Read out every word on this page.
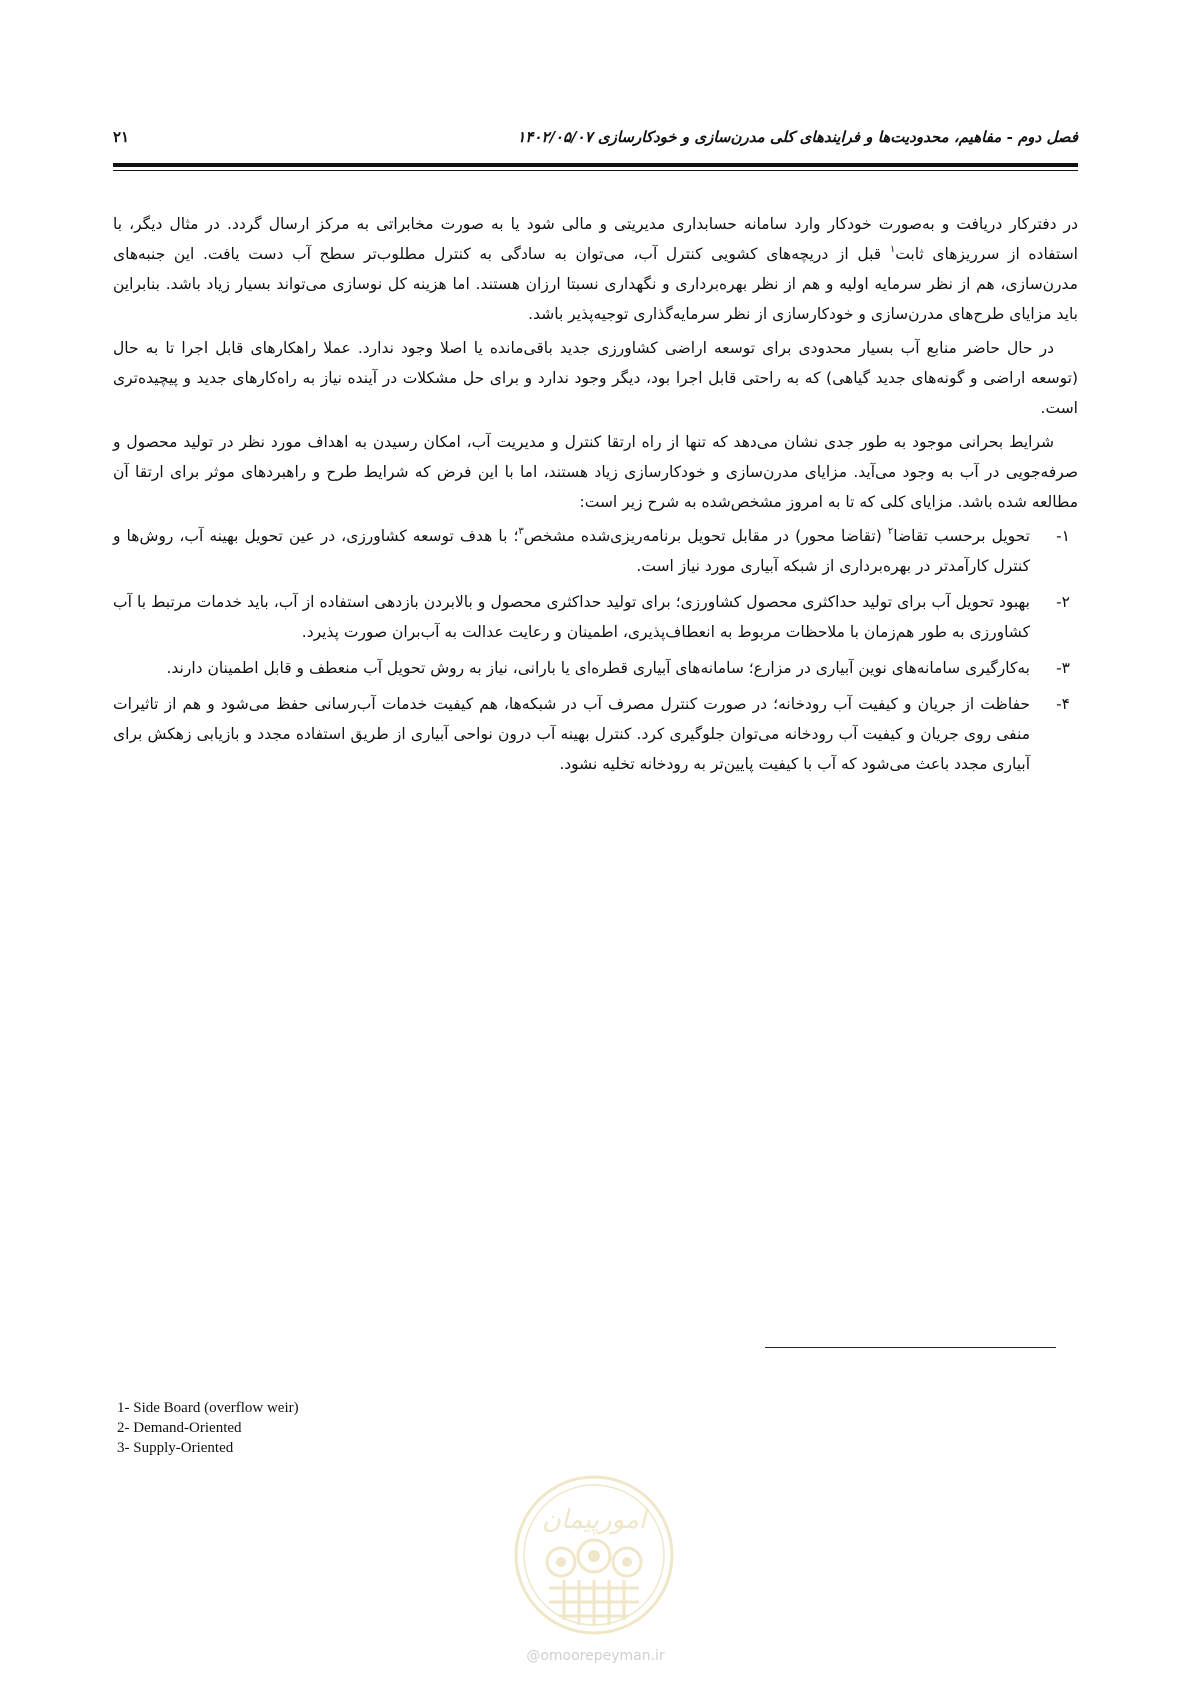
فصل دوم - مفاهیم، محدودیت‌ها و فرایندهای کلی مدرن‌سازی و خودکارسازی ۱۴۰۲/۰۵/۰۷
۲۱

در دفترکار دریافت و به‌صورت خودکار وارد سامانه حسابداری مدیریتی و مالی شود یا به صورت مخابراتی به مرکز ارسال گردد. در مثال دیگر، با استفاده از سرریزهای ثابت$^۱$ قبل از دریچه‌های کشویی کنترل آب، می‌توان به سادگی به کنترل مطلوب‌تر سطح آب دست یافت. این جنبه‌های مدرن‌سازی، هم از نظر سرمایه اولیه و هم از نظر بهره‌برداری و نگهداری نسبتا ارزان هستند. اما هزینه کل نوسازی می‌تواند بسیار زیاد باشد. بنابراین باید مزایای طرح‌های مدرن‌سازی و خودکارسازی از نظر سرمایه‌گذاری توجیه‌پذیر باشد.

در حال حاضر منابع آب بسیار محدودی برای توسعه اراضی کشاورزی جدید باقی‌مانده یا اصلا وجود ندارد. عملا راهکارهای قابل اجرا تا به حال (توسعه اراضی و گونه‌های جدید گیاهی) که به راحتی قابل اجرا بود، دیگر وجود ندارد و برای حل مشکلات در آینده نیاز به راه‌کارهای جدید و پیچیده‌تری است.

شرایط بحرانی موجود به طور جدی نشان می‌دهد که تنها از راه ارتقا کنترل و مدیریت آب، امکان رسیدن به اهداف مورد نظر در تولید محصول و صرفه‌جویی در آب به وجود می‌آید. مزایای مدرن‌سازی و خودکارسازی زیاد هستند، اما با این فرض که شرایط طرح و راهبردهای موثر برای ارتقا آن مطالعه شده باشد. مزایای کلی که تا به امروز مشخص‌شده به شرح زیر است:

۱-
تحویل برحسب تقاضا$^۲$ (تقاضا محور) در مقابل تحویل برنامه‌ریزی‌شده مشخص$^۳$؛ با هدف توسعه کشاورزی، در عین تحویل بهینه آب، روش‌ها و کنترل کارآمدتر در بهره‌برداری از شبکه آبیاری مورد نیاز است.
۲-
بهبود تحویل آب برای تولید حداکثری محصول کشاورزی؛ برای تولید حداکثری محصول و بالابردن بازدهی استفاده از آب، باید خدمات مرتبط با آب کشاورزی به طور هم‌زمان با ملاحظات مربوط به انعطاف‌پذیری، اطمینان و رعایت عدالت به آب‌بران صورت پذیرد.
۳-
به‌کارگیری سامانه‌های نوین آبیاری در مزارع؛ سامانه‌های آبیاری قطره‌ای یا بارانی، نیاز به روش تحویل آب منعطف و قابل اطمینان دارند.
۴-
حفاظت از جریان و کیفیت آب رودخانه؛ در صورت کنترل مصرف آب در شبکه‌ها، هم کیفیت خدمات آب‌رسانی حفظ می‌شود و هم از تاثیرات منفی روی جریان و کیفیت آب رودخانه می‌توان جلوگیری کرد. کنترل بهینه آب درون نواحی آبیاری از طریق استفاده مجدد و بازیابی زهکش برای آبیاری مجدد باعث می‌شود که آب با کیفیت پایین‌تر به رودخانه تخلیه نشود.
1- Side Board (overflow weir)
2- Demand-Oriented
3- Supply-Oriented
امورپیمان
@omoorepeyman.ir
